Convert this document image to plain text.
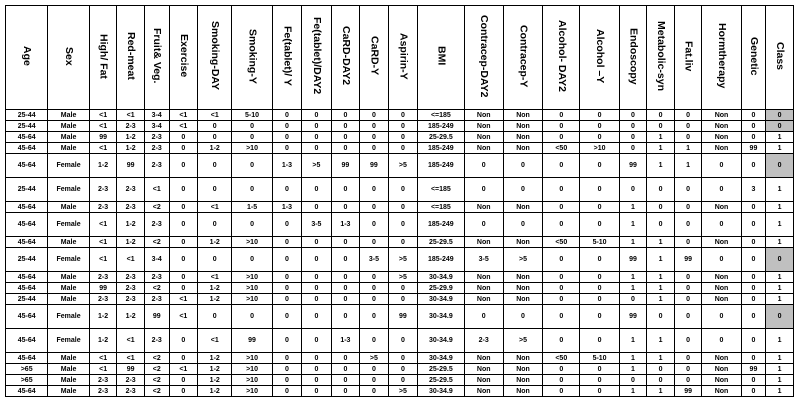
Age	Sex	High/ Fat	Red-meat	Fruit& Veg.	Exercise	Smoking-DAY	Smoking-Y	Fe(tablet)/ Y	Fe(tablet)/DAY2	CaRD-DAY2	CaRD-Y	Aspirin-Y	BMI	Contracep-DAY2	Contracep-Y	Alcohol- DAY2	Alcohol –Y	Endoscopy	Metabolic-syn	Fat.liv	Hormtherapy	Genetic	Class
25-44	Male	<1	<1	3-4	<1	<1	5-10	0	0	0	0	0	<=185	Non	Non	0	0	0	0	0	Non	0	0
25-44	Male	<1	2-3	3-4	<1	0	0	0	0	0	0	0	185-249	Non	Non	0	0	0	0	0	Non	0	0
45-64	Male	99	1-2	2-3	0	0	0	0	0	0	0	0	25-29.5	Non	Non	0	0	0	1	0	Non	0	1
45-64	Male	<1	1-2	2-3	0	1-2	>10	0	0	0	0	0	185-249	Non	Non	<50	>10	0	1	1	Non	99	1
45-64	Female	1-2	99	2-3	0	0	0	1-3	>5	99	99	>5	185-249	0	0	0	0	99	1	1	0	0	0
25-44	Female	2-3	2-3	<1	0	0	0	0	0	0	0	0	<=185	0	0	0	0	0	0	0	0	3	1
45-64	Male	2-3	2-3	<2	0	<1	1-5	1-3	0	0	0	0	<=185	Non	Non	0	0	1	0	0	Non	0	1
45-64	Female	<1	1-2	2-3	0	0	0	0	3-5	1-3	0	0	185-249	0	0	0	0	1	0	0	0	0	1
45-64	Male	<1	1-2	<2	0	1-2	>10	0	0	0	0	0	25-29.5	Non	Non	<50	5-10	1	1	0	Non	0	1
25-44	Female	<1	<1	3-4	0	0	0	0	0	0	3-5	>5	185-249	3-5	>5	0	0	99	1	99	0	0	0
45-64	Male	2-3	2-3	2-3	0	<1	>10	0	0	0	0	>5	30-34.9	Non	Non	0	0	1	1	0	Non	0	1
45-64	Male	99	2-3	<2	0	1-2	>10	0	0	0	0	0	25-29.9	Non	Non	0	0	1	1	0	Non	0	1
25-44	Male	2-3	2-3	2-3	<1	1-2	>10	0	0	0	0	0	30-34.9	Non	Non	0	0	0	1	0	Non	0	1
45-64	Female	1-2	1-2	99	<1	0	0	0	0	0	0	99	30-34.9	0	0	0	0	99	0	0	0	0	0
45-64	Female	1-2	<1	2-3	0	<1	99	0	0	1-3	0	0	30-34.9	2-3	>5	0	0	1	1	0	0	0	1
45-64	Male	<1	<1	<2	0	1-2	>10	0	0	0	>5	0	30-34.9	Non	Non	<50	5-10	1	1	0	Non	0	1
>65	Male	<1	99	<2	<1	1-2	>10	0	0	0	0	0	25-29.5	Non	Non	0	0	1	0	0	Non	99	1
>65	Male	2-3	2-3	<2	0	1-2	>10	0	0	0	0	0	25-29.5	Non	Non	0	0	0	0	0	Non	0	1
45-64	Male	2-3	2-3	<2	0	1-2	>10	0	0	0	0	>5	30-34.9	Non	Non	0	0	1	1	99	Non	0	1
